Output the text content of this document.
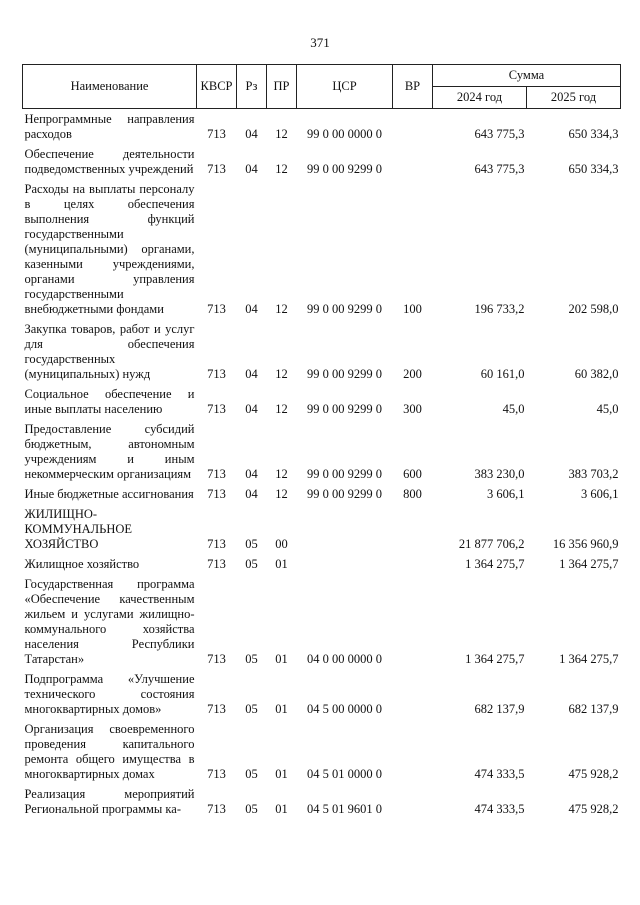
371
Наименование	КВСР	Рз	ПР	ЦСР	ВР	Сумма	
						2024 год	2025 год
Непрограммные направления расходов	713	04	12	99 0 00 0000 0		643 775,3	650 334,3
Обеспечение деятельности подведомственных учреждений	713	04	12	99 0 00 9299 0		643 775,3	650 334,3
Расходы на выплаты персоналу в целях обеспечения выполнения функций государственными (муниципальными) органами, казенными учреждениями, органами управления государственными внебюджетными фондами	713	04	12	99 0 00 9299 0	100	196 733,2	202 598,0
Закупка товаров, работ и услуг для обеспечения государственных (муниципальных) нужд	713	04	12	99 0 00 9299 0	200	60 161,0	60 382,0
Социальное обеспечение и иные выплаты населению	713	04	12	99 0 00 9299 0	300	45,0	45,0
Предоставление субсидий бюджетным, автономным учреждениям и иным некоммерческим организациям	713	04	12	99 0 00 9299 0	600	383 230,0	383 703,2
Иные бюджетные ассигнования	713	04	12	99 0 00 9299 0	800	3 606,1	3 606,1
ЖИЛИЩНО-КОММУНАЛЬНОЕ ХОЗЯЙСТВО	713	05	00			21 877 706,2	16 356 960,9
Жилищное хозяйство	713	05	01			1 364 275,7	1 364 275,7
Государственная программа «Обеспечение качественным жильем и услугами жилищно-коммунального хозяйства населения Республики Татарстан»	713	05	01	04 0 00 0000 0		1 364 275,7	1 364 275,7
Подпрограмма «Улучшение технического состояния многоквартирных домов»	713	05	01	04 5 00 0000 0		682 137,9	682 137,9
Организация своевременного проведения капитального ремонта общего имущества в многоквартирных домах	713	05	01	04 5 01 0000 0		474 333,5	475 928,2
Реализация мероприятий Региональной программы ка-	713	05	01	04 5 01 9601 0		474 333,5	475 928,2
